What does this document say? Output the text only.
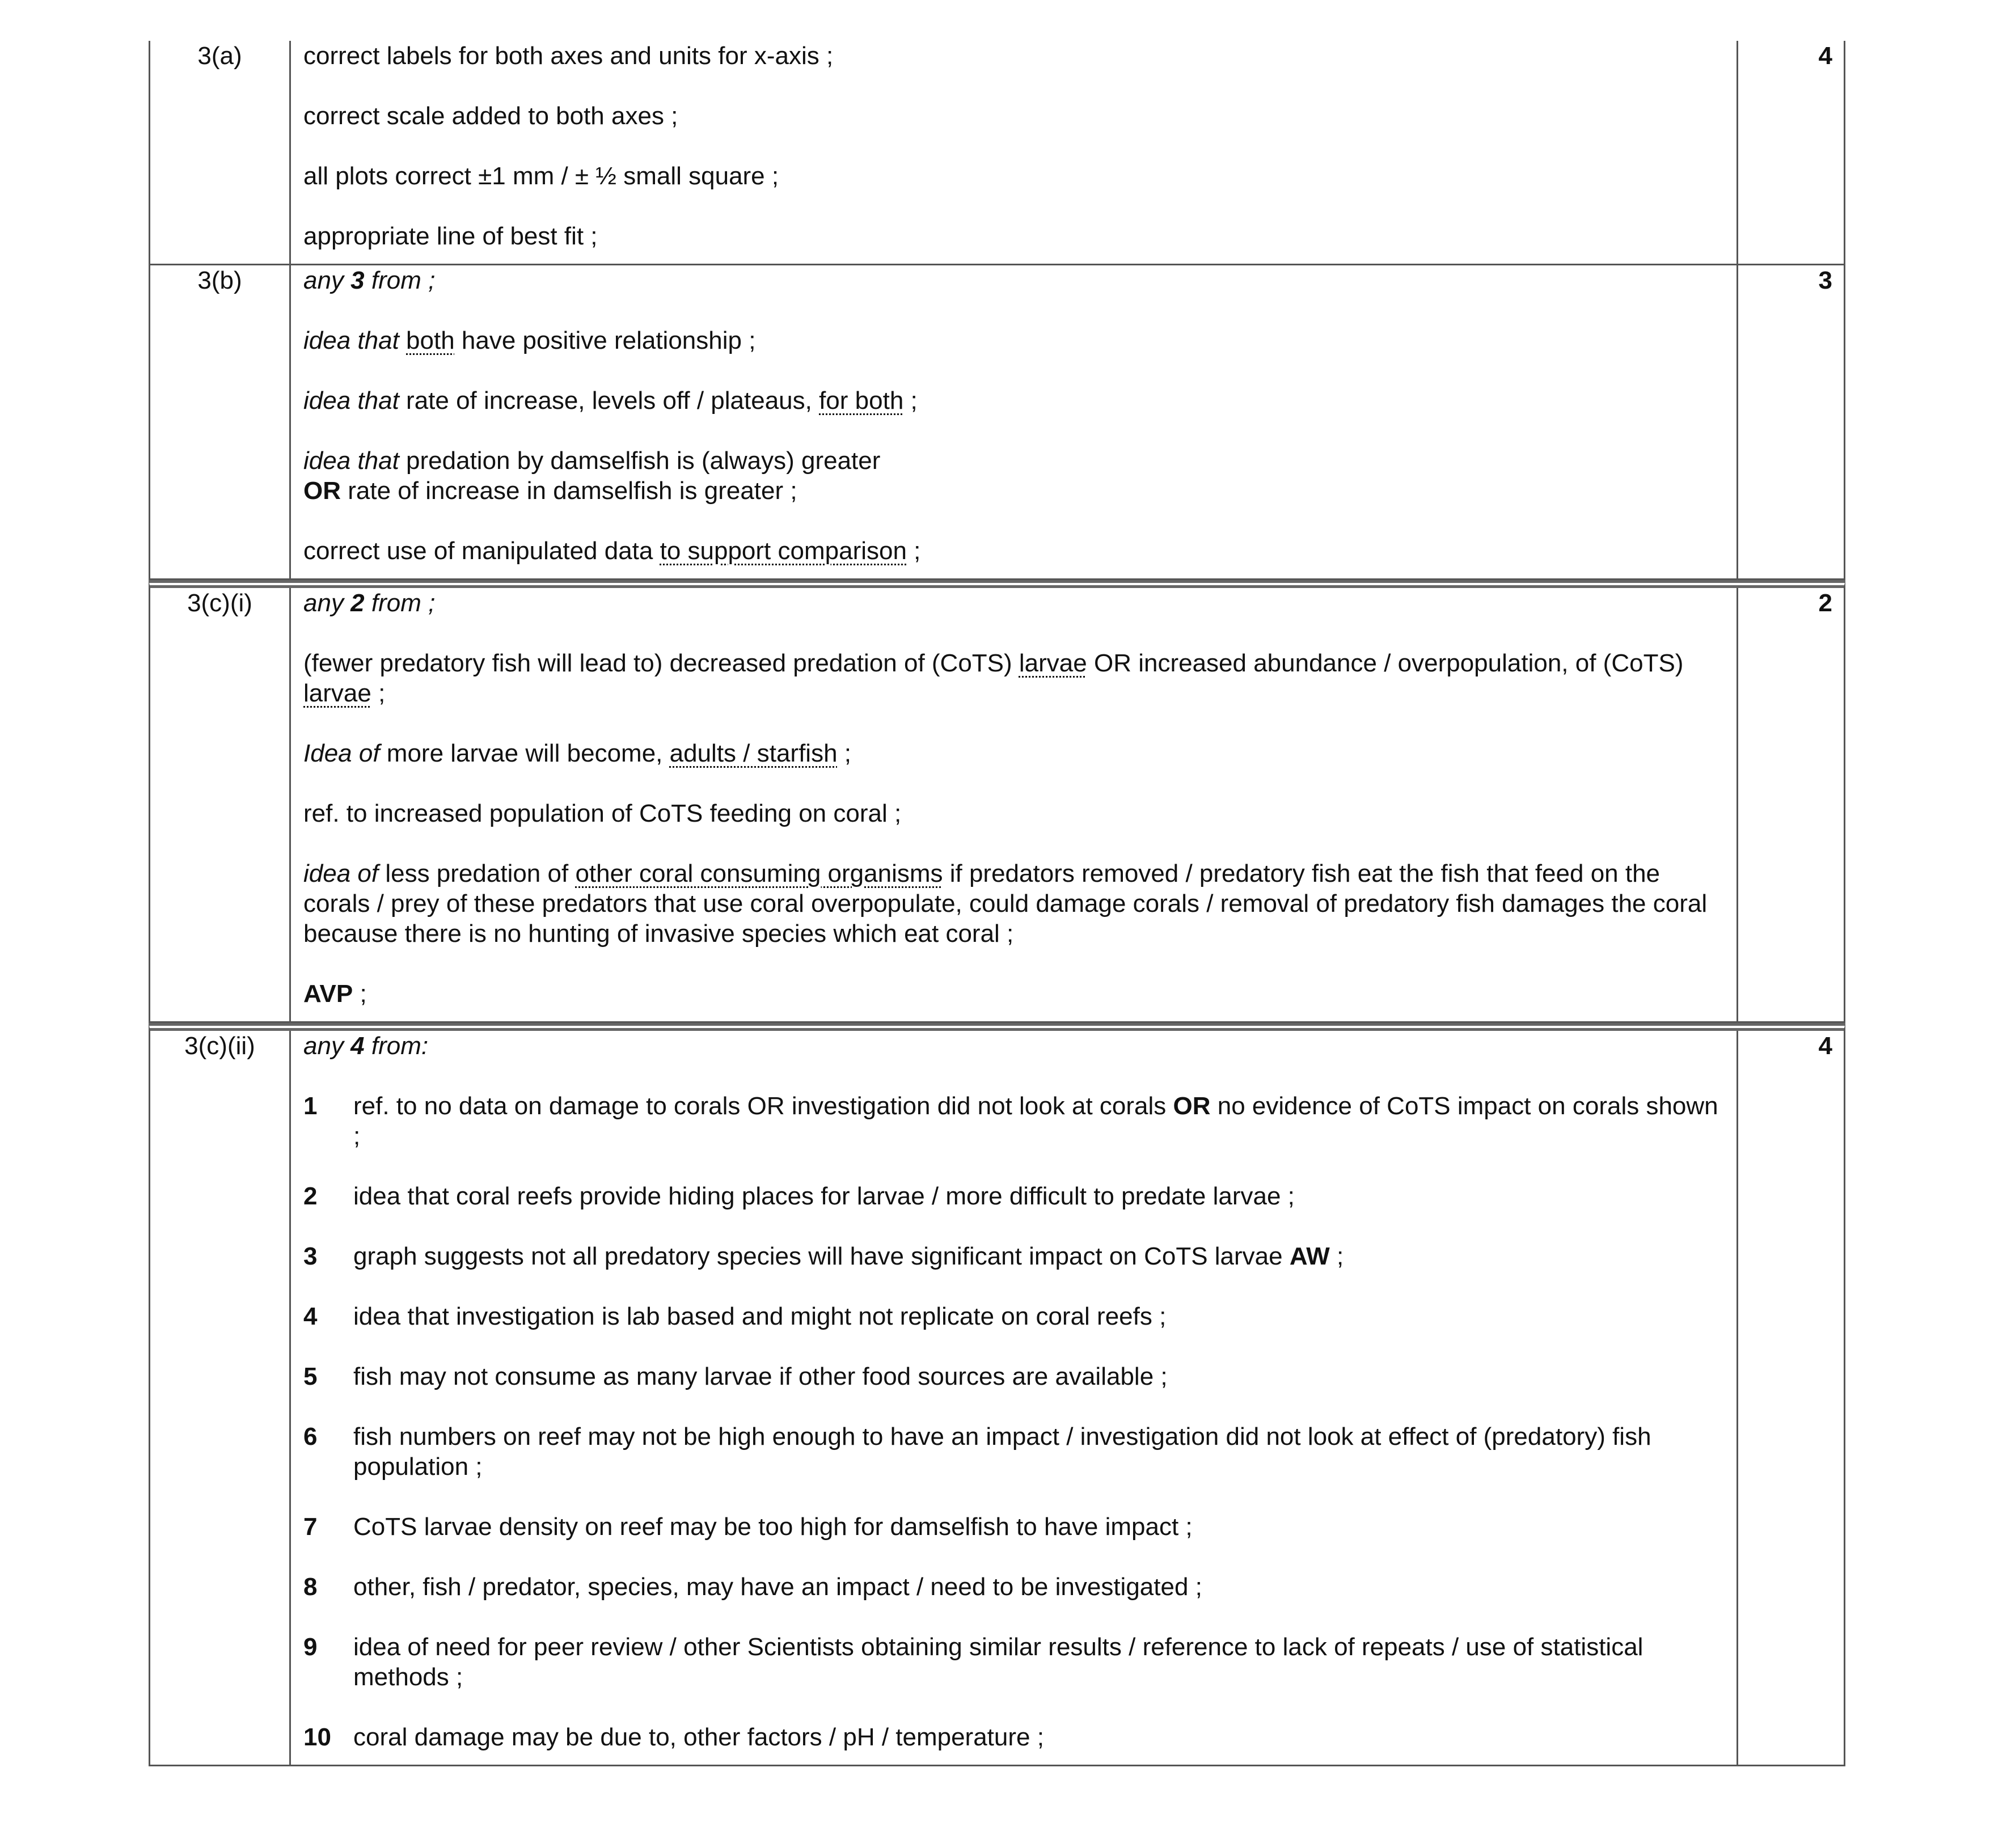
3(a)	4
correct labels for both axes and units for x-axis ;
correct scale added to both axes ;
all plots correct ±1 mm / ± ½ small square ;
appropriate line of best fit ;
3(b)	3
any 3 from ;
idea that both have positive relationship ;
idea that rate of increase, levels off / plateaus, for both ;
idea that predation by damselfish is (always) greater
OR rate of increase in damselfish is greater ;
correct use of manipulated data to support comparison ;
3(c)(i)	2
any 2 from ;
(fewer predatory fish will lead to) decreased predation of (CoTS) larvae OR increased abundance / overpopulation, of (CoTS) larvae ;
Idea of more larvae will become, adults / starfish ;
ref. to increased population of CoTS feeding on coral ;
idea of less predation of other coral consuming organisms if predators removed / predatory fish eat the fish that feed on the corals / prey of these predators that use coral overpopulate, could damage corals / removal of predatory fish damages the coral because there is no hunting of invasive species which eat coral ;
AVP ;
3(c)(ii)	4
any 4 from:
1	ref. to no data on damage to corals OR investigation did not look at corals OR no evidence of CoTS impact on corals shown ;
2	idea that coral reefs provide hiding places for larvae / more difficult to predate larvae ;
3	graph suggests not all predatory species will have significant impact on CoTS larvae AW ;
4	idea that investigation is lab based and might not replicate on coral reefs ;
5	fish may not consume as many larvae if other food sources are available ;
6	fish numbers on reef may not be high enough to have an impact / investigation did not look at effect of (predatory) fish population ;
7	CoTS larvae density on reef may be too high for damselfish to have impact ;
8	other, fish / predator, species, may have an impact / need to be investigated ;
9	idea of need for peer review / other Scientists obtaining similar results / reference to lack of repeats / use of statistical methods ;
10 coral damage may be due to, other factors / pH / temperature ;
